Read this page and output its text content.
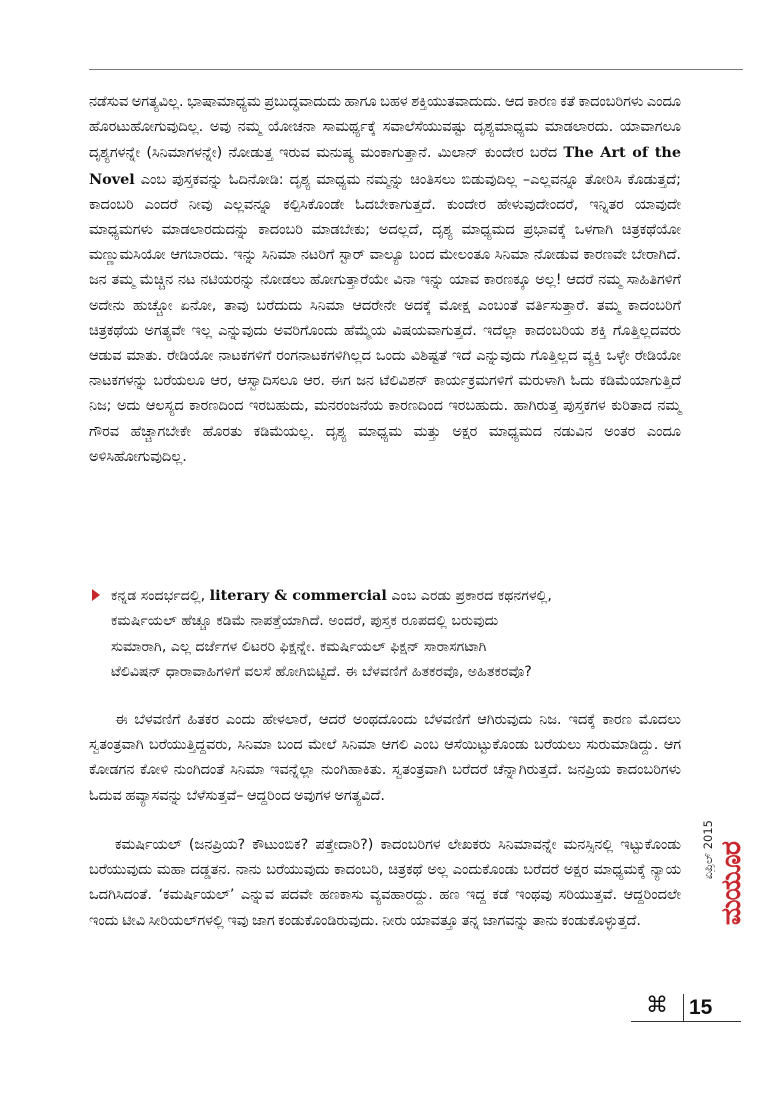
ನಡೆಸುವ ಅಗತ್ಯವಿಲ್ಲ. ಭಾಷಾಮಾಧ್ಯಮ ಪ್ರಬುದ್ಧವಾದುದು ಹಾಗೂ ಬಹಳ ಶಕ್ತಿಯುತವಾದುದು. ಆದ ಕಾರಣ ಕತೆ ಕಾದಂಬರಿಗಳು ಎಂದೂ ಹೊರಟುಹೋಗುವುದಿಲ್ಲ. ಅವು ನಮ್ಮ ಯೋಚನಾ ಸಾಮರ್ಥ್ಯಕ್ಕೆ ಸವಾಲೆಸೆಯುವಷ್ಟು ದೃಶ್ಯಮಾಧ್ಯಮ ಮಾಡಲಾರದು. ಯಾವಾಗಲೂ ದೃಶ್ಯಗಳನ್ನೇ (ಸಿನಿಮಾಗಳನ್ನೇ) ನೋಡುತ್ತ ಇರುವ ಮನುಷ್ಯ ಮಂಕಾಗುತ್ತಾನೆ. ಮಿಲಾನ್ ಕುಂದೇರ ಬರೆದ The Art of the Novel ಎಂಬ ಪುಸ್ತಕವನ್ನು ಓದಿನೋಡಿ: ದೃಶ್ಯ ಮಾಧ್ಯಮ ನಮ್ಮನ್ನು ಚಿಂತಿಸಲು ಬಿಡುವುದಿಲ್ಲ –ಎಲ್ಲವನ್ನೂ ತೋರಿಸಿ ಕೊಡುತ್ತದೆ; ಕಾದಂಬರಿ ಎಂದರೆ ನೀವು ಎಲ್ಲವನ್ನೂ ಕಲ್ಪಿಸಿಕೊಂಡೇ ಓದಬೇಕಾಗುತ್ತದೆ. ಕುಂದೇರ ಹೇಳುವುದೇಂದರೆ, ಇನ್ನಿತರ ಯಾವುದೇ ಮಾಧ್ಯಮಗಳು ಮಾಡಲಾರದುದನ್ನು ಕಾದಂಬರಿ ಮಾಡಬೇಕು; ಅದಲ್ಲದೆ, ದೃಶ್ಯ ಮಾಧ್ಯಮದ ಪ್ರಭಾವಕ್ಕೆ ಒಳಗಾಗಿ ಚಿತ್ರಕಥೆಯೋ ಮಣ್ಣುಮಸಿಯೋ ಆಗಬಾರದು. ಇನ್ನು ಸಿನಿಮಾ ನಟರಿಗೆ ಸ್ಟಾರ್ ವಾಲ್ಯೂ ಬಂದ ಮೇಲಂತೂ ಸಿನಿಮಾ ನೋಡುವ ಕಾರಣವೇ ಬೇರಾಗಿದೆ. ಜನ ತಮ್ಮ ಮೆಚ್ಚಿನ ನಟ ನಟಿಯರನ್ನು ನೋಡಲು ಹೋಗುತ್ತಾರೆಯೇ ವಿನಾ ಇನ್ನು ಯಾವ ಕಾರಣಕ್ಕೂ ಅಲ್ಲ! ಆದರೆ ನಮ್ಮ ಸಾಹಿತಿಗಳಿಗೆ ಅದೇನು ಹುಚ್ಚೋ ಏನೋ, ತಾವು ಬರೆದುದು ಸಿನಿಮಾ ಆದರೇನೇ ಅದಕ್ಕೆ ಮೋಕ್ಷ ಎಂಬಂತೆ ವರ್ತಿಸುತ್ತಾರೆ. ತಮ್ಮ ಕಾದಂಬರಿಗೆ ಚಿತ್ರಕಥೆಯ ಅಗತ್ಯವೇ ಇಲ್ಲ ಎನ್ನುವುದು ಅವರಿಗೊಂದು ಹೆಮ್ಮೆಯ ವಿಷಯವಾಗುತ್ತದೆ. ಇದೆಲ್ಲಾ ಕಾದಂಬರಿಯ ಶಕ್ತಿ ಗೊತ್ತಿಲ್ಲದವರು ಆಡುವ ಮಾತು. ರೇಡಿಯೋ ನಾಟಕಗಳಿಗೆ ರಂಗನಾಟಕಗಳಿಗಿಲ್ಲದ ಒಂದು ವಿಶಿಷ್ಟತೆ ಇದೆ ಎನ್ನುವುದು ಗೊತ್ತಿಲ್ಲದ ವ್ಯಕ್ತಿ ಒಳ್ಳೇ ರೇಡಿಯೋ ನಾಟಕಗಳನ್ನು ಬರೆಯಲೂ ಆರ, ಆಸ್ವಾದಿಸಲೂ ಆರ. ಈಗ ಜನ ಟೆಲಿವಿಶನ್ ಕಾರ್ಯಕ್ರಮಗಳಿಗೆ ಮರುಳಾಗಿ ಓದು ಕಡಿಮೆಯಾಗುತ್ತಿದೆ ನಿಜ; ಅದು ಆಲಸ್ಯದ ಕಾರಣದಿಂದ ಇರಬಹುದು, ಮನರಂಜನೆಯ ಕಾರಣದಿಂದ ಇರಬಹುದು. ಹಾಗಿರುತ್ತ ಪುಸ್ತಕಗಳ ಕುರಿತಾದ ನಮ್ಮ ಗೌರವ ಹೆಚ್ಚಾಗಬೇಕೇ ಹೊರತು ಕಡಿಮೆಯಲ್ಲ. ದೃಶ್ಯ ಮಾಧ್ಯಮ ಮತ್ತು ಅಕ್ಷರ ಮಾಧ್ಯಮದ ನಡುವಿನ ಅಂತರ ಎಂದೂ ಅಳಿಸಿಹೋಗುವುದಿಲ್ಲ.

ಕನ್ನಡ ಸಂದರ್ಭದಲ್ಲಿ, literary & commercial ಎಂಬ ಎರಡು ಪ್ರಕಾರದ ಕಥನಗಳಲ್ಲಿ,
ಕಮರ್ಷಿಯಲ್ ಹೆಚ್ಚೂ ಕಡಿಮೆ ನಾಪತ್ತೆಯಾಗಿದೆ. ಅಂದರೆ, ಪುಸ್ತಕ ರೂಪದಲ್ಲಿ ಬರುವುದು
ಸುಮಾರಾಗಿ, ಎಲ್ಲ ದರ್ಜೆಗಳ ಲಿಟರರಿ ಫಿಕ್ಷನ್ನೇ. ಕಮರ್ಷಿಯಲ್ ಫಿಕ್ಷನ್ ಸಾರಾಸಗಟಾಗಿ
ಟೆಲಿವಿಷನ್ ಧಾರಾವಾಹಿಗಳಿಗೆ ವಲಸೆ ಹೋಗಿಬಿಟ್ಟಿದೆ. ಈ ಬೆಳವಣಿಗೆ ಹಿತಕರವೊ, ಅಹಿತಕರವೊ?

ಈ ಬೆಳವಣಿಗೆ ಹಿತಕರ ಎಂದು ಹೇಳಲಾರೆ, ಆದರೆ ಅಂಥದೊಂದು ಬೆಳವಣಿಗೆ ಆಗಿರುವುದು ನಿಜ. ಇದಕ್ಕೆ ಕಾರಣ ಮೊದಲು ಸ್ವತಂತ್ರವಾಗಿ ಬರೆಯುತ್ತಿದ್ದವರು, ಸಿನಿಮಾ ಬಂದ ಮೇಲೆ ಸಿನಿಮಾ ಆಗಲಿ ಎಂಬ ಆಸೆಯಿಟ್ಟುಕೊಂಡು ಬರೆಯಲು ಸುರುಮಾಡಿದ್ದು. ಆಗ ಕೋಡಗನ ಕೋಳಿ ನುಂಗಿದಂತೆ ಸಿನಿಮಾ ಇವನ್ನೆಲ್ಲಾ ನುಂಗಿಹಾಕಿತು. ಸ್ವತಂತ್ರವಾಗಿ ಬರೆದರೆ ಚೆನ್ನಾಗಿರುತ್ತದೆ. ಜನಪ್ರಿಯ ಕಾದಂಬರಿಗಳು ಓದುವ ಹವ್ಯಾಸವನ್ನು ಬೆಳೆಸುತ್ತವೆ– ಆದ್ದರಿಂದ ಅವುಗಳ ಅಗತ್ಯವಿದೆ.

ಕಮರ್ಷಿಯಲ್ (ಜನಪ್ರಿಯ? ಕೌಟುಂಬಿಕ? ಪತ್ತೇದಾರಿ?) ಕಾದಂಬರಿಗಳ ಲೇಖಕರು ಸಿನಿಮಾವನ್ನೇ ಮನಸ್ಸಿನಲ್ಲಿ ಇಟ್ಟುಕೊಂಡು ಬರೆಯುವುದು ಮಹಾ ದಡ್ಡತನ. ನಾನು ಬರೆಯುವುದು ಕಾದಂಬರಿ, ಚಿತ್ರಕಥೆ ಅಲ್ಲ ಎಂದುಕೊಂಡು ಬರೆದರೆ ಅಕ್ಷರ ಮಾಧ್ಯಮಕ್ಕೆ ನ್ಯಾಯ ಒದಗಿಸಿದಂತೆ. ‘ಕಮರ್ಷಿಯಲ್’ ಎನ್ನುವ ಪದವೇ ಹಣಕಾಸು ವ್ಯವಹಾರದ್ದು. ಹಣ ಇದ್ದ ಕಡೆ ಇಂಥವು ಸರಿಯುತ್ತವೆ. ಆದ್ದರಿಂದಲೇ ಇಂದು ಟೀವಿ ಸೀರಿಯಲ್‌ಗಳಲ್ಲಿ ಇವು ಜಾಗ ಕಂಡುಕೊಂಡಿರುವುದು. ನೀರು ಯಾವತ್ತೂ ತನ್ನ ಜಾಗವನ್ನು ತಾನು ಕಂಡುಕೊಳ್ಳುತ್ತದೆ.

ಏಪ್ರಿಲ್ 2015 ಮಯೂರ
⌘ 15
